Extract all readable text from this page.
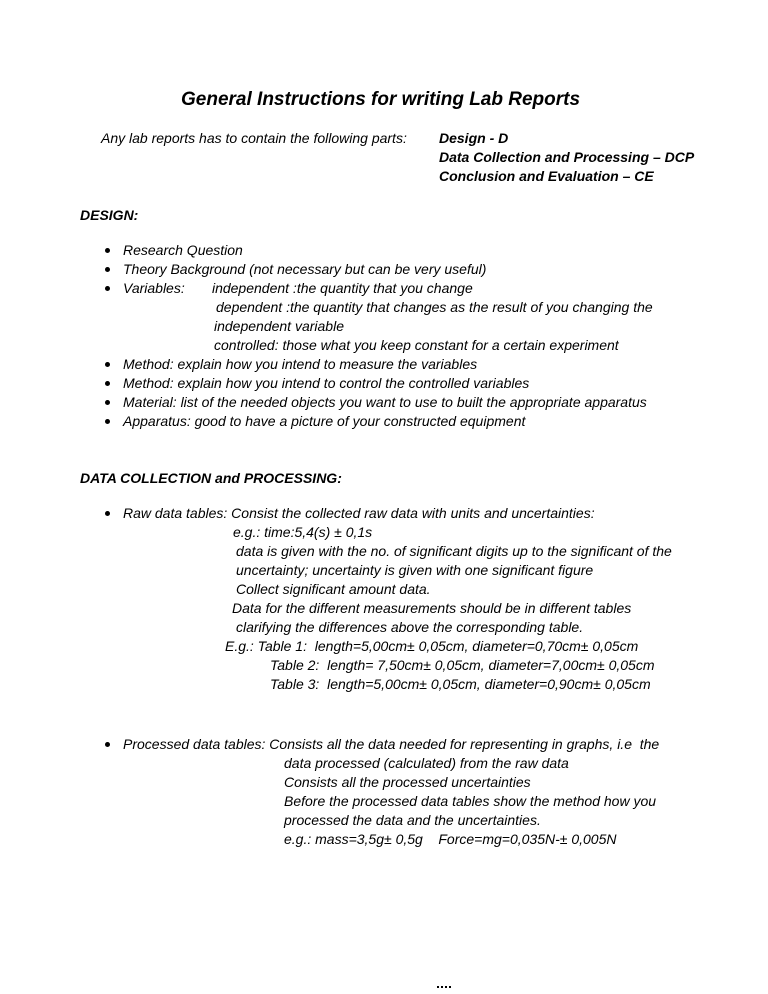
General Instructions for writing Lab Reports
Any lab reports has to contain the following parts: Design - D
Data Collection and Processing – DCP
Conclusion and Evaluation – CE
DESIGN:
Research Question
Theory Background (not necessary but can be very useful)
Variables:       independent :the quantity that you change
dependent :the quantity that changes as the result of you changing the
independent variable
controlled: those what you keep constant for a certain experiment
Method: explain how you intend to measure the variables
Method: explain how you intend to control the controlled variables
Material: list of the needed objects you want to use to built the appropriate apparatus
Apparatus: good to have a picture of your constructed equipment
DATA COLLECTION and PROCESSING:
Raw data tables: Consist the collected raw data with units and uncertainties:
e.g.: time:5,4(s) ± 0,1s
data is given with the no. of significant digits up to the significant of the
uncertainty; uncertainty is given with one significant figure
Collect significant amount data.
Data for the different measurements should be in different tables
clarifying the differences above the corresponding table.
E.g.: Table 1:  length=5,00cm± 0,05cm, diameter=0,70cm± 0,05cm
Table 2:  length= 7,50cm± 0,05cm, diameter=7,00cm± 0,05cm
Table 3:  length=5,00cm± 0,05cm, diameter=0,90cm± 0,05cm
Processed data tables: Consists all the data needed for representing in graphs, i.e  the
data processed (calculated) from the raw data
Consists all the processed uncertainties
Before the processed data tables show the method how you
processed the data and the uncertainties.
e.g.: mass=3,5g± 0,5g    Force=mg=0,035N-± 0,005N
